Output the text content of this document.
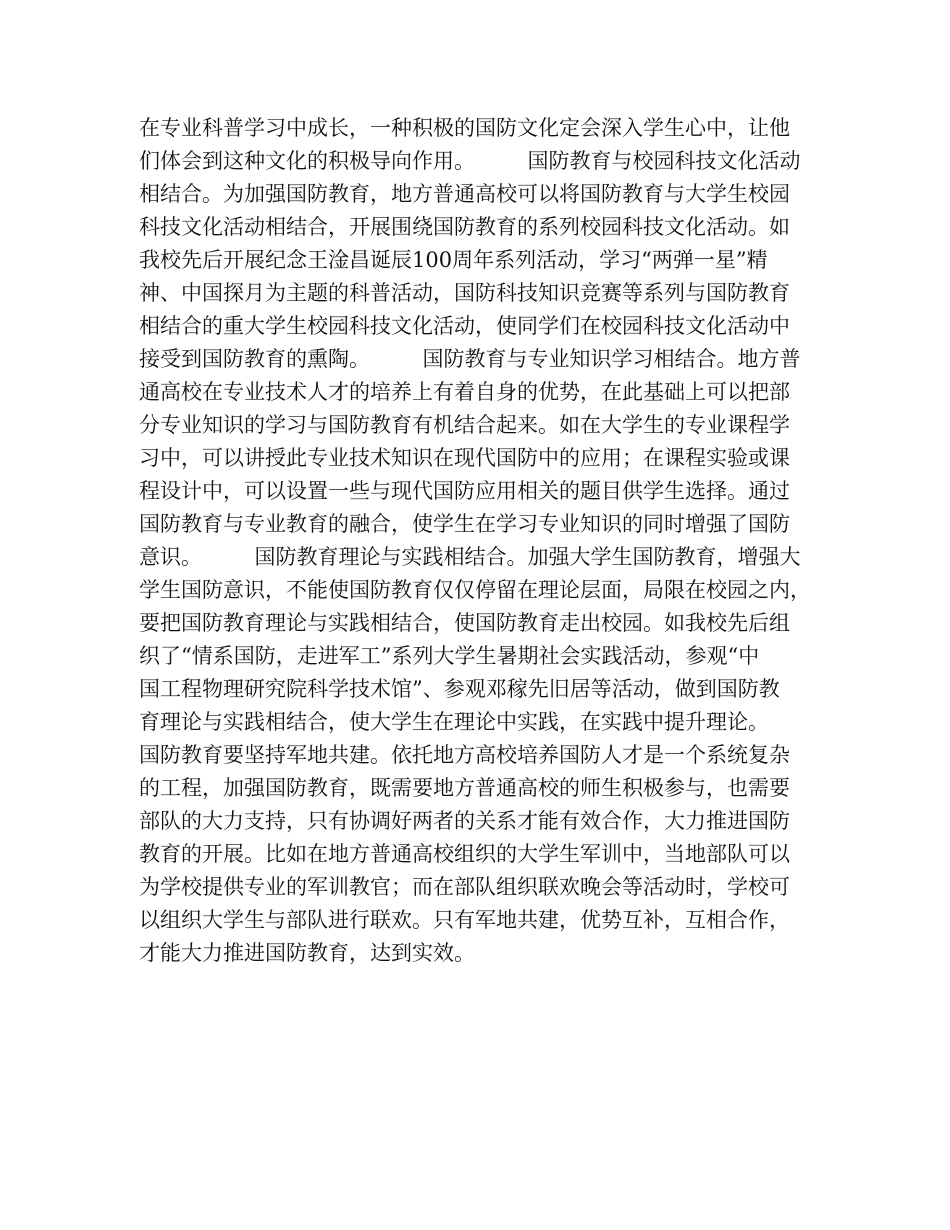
在专业科普学习中成长，一种积极的国防文化定会深入学生心中，让他
们体会到这种文化的积极导向作用。　　　国防教育与校园科技文化活动
相结合。为加强国防教育，地方普通高校可以将国防教育与大学生校园
科技文化活动相结合，开展围绕国防教育的系列校园科技文化活动。如
我校先后开展纪念王淦昌诞辰100周年系列活动，学习“两弹一星”精
神、中国探月为主题的科普活动，国防科技知识竞赛等系列与国防教育
相结合的重大学生校园科技文化活动，使同学们在校园科技文化活动中
接受到国防教育的熏陶。　　　国防教育与专业知识学习相结合。地方普
通高校在专业技术人才的培养上有着自身的优势，在此基础上可以把部
分专业知识的学习与国防教育有机结合起来。如在大学生的专业课程学
习中，可以讲授此专业技术知识在现代国防中的应用；在课程实验或课
程设计中，可以设置一些与现代国防应用相关的题目供学生选择。通过
国防教育与专业教育的融合，使学生在学习专业知识的同时增强了国防
意识。　　　国防教育理论与实践相结合。加强大学生国防教育，增强大
学生国防意识，不能使国防教育仅仅停留在理论层面，局限在校园之内，
要把国防教育理论与实践相结合，使国防教育走出校园。如我校先后组
织了“情系国防，走进军工”系列大学生暑期社会实践活动，参观“中
国工程物理研究院科学技术馆”、参观邓稼先旧居等活动，做到国防教
育理论与实践相结合，使大学生在理论中实践，在实践中提升理论。
国防教育要坚持军地共建。依托地方高校培养国防人才是一个系统复杂
的工程，加强国防教育，既需要地方普通高校的师生积极参与，也需要
部队的大力支持，只有协调好两者的关系才能有效合作，大力推进国防
教育的开展。比如在地方普通高校组织的大学生军训中，当地部队可以
为学校提供专业的军训教官；而在部队组织联欢晚会等活动时，学校可
以组织大学生与部队进行联欢。只有军地共建，优势互补，互相合作，
才能大力推进国防教育，达到实效。
